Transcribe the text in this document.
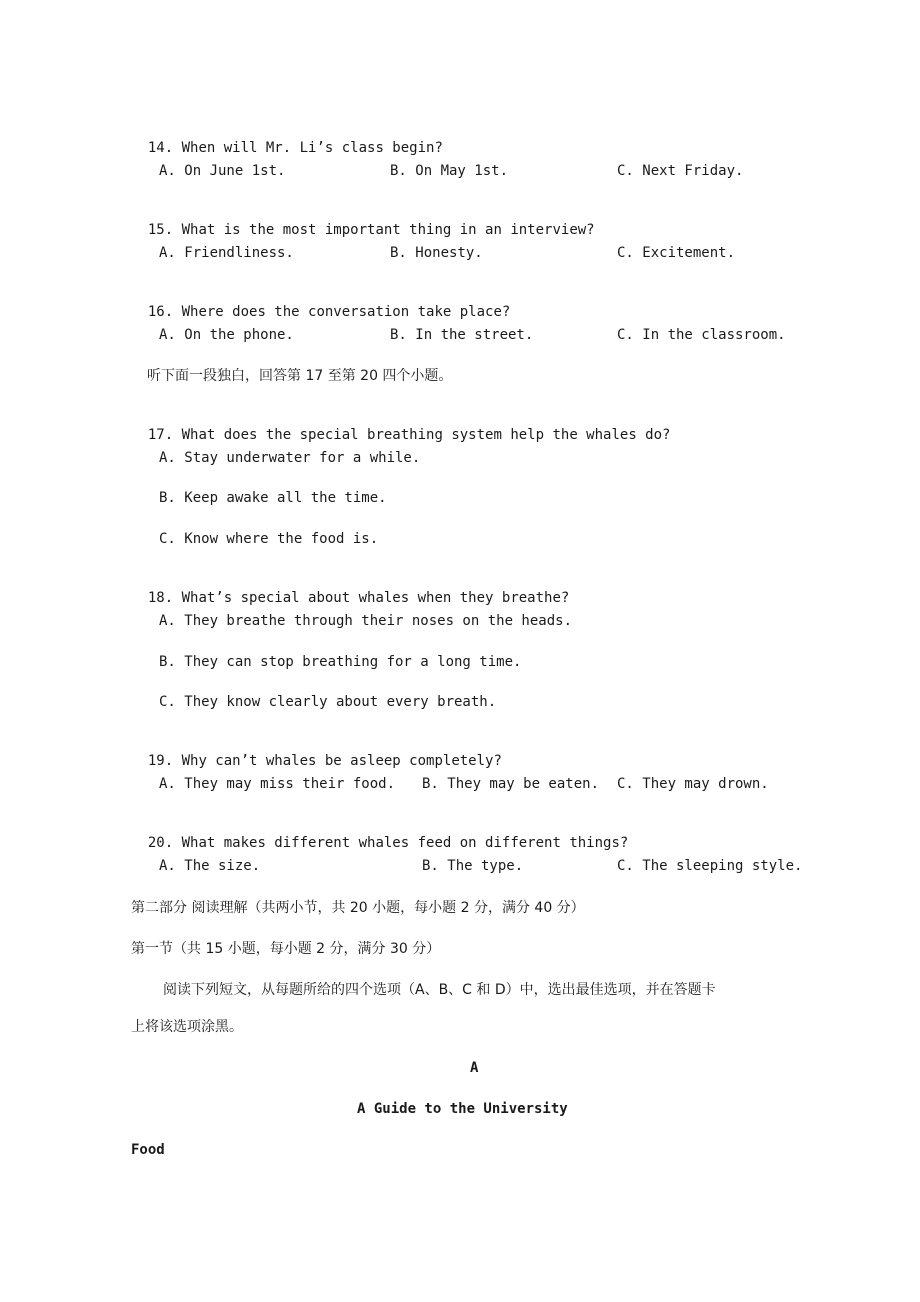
14. When will Mr. Li’s class begin?

A. On June 1st.	B. On May 1st.	C. Next Friday.

15. What is the most important thing in an interview?

A. Friendliness.	B. Honesty.	C. Excitement.

16. Where does the conversation take place?

A. On the phone.	B. In the street.	C. In the classroom.
听下面一段独白，回答第 17 至第 20 四个小题。

17. What does the special breathing system help the whales do?

A. Stay underwater for a while.
B. Keep awake all the time.
C. Know where the food is.

18. What’s special about whales when they breathe?

A. They breathe through their noses on the heads.
B. They can stop breathing for a long time.
C. They know clearly about every breath.

19. Why can’t whales be asleep completely?

A. They may miss their food. B. They may be eaten. C. They may drown.

20. What makes different whales feed on different things?

A. The size.	B. The type.	C. The sleeping style.
第二部分 阅读理解（共两小节，共 20 小题，每小题 2 分，满分 40 分）
第一节（共 15 小题，每小题 2 分，满分 30 分）
阅读下列短文，从每题所给的四个选项（A、B、C 和 D）中，选出最佳选项，并在答题卡
上将该选项涂黑。
A
A Guide to the University
Food
